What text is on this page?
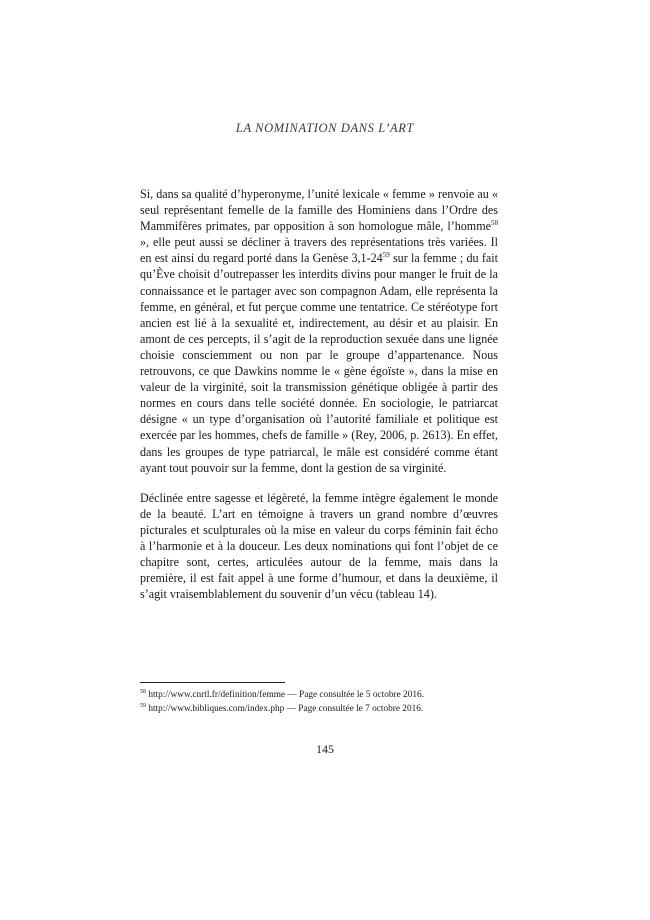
LA NOMINATION DANS L’ART

Si, dans sa qualité d’hyperonyme, l’unité lexicale « femme » renvoie au « seul représentant femelle de la famille des Hominiens dans l’Ordre des Mammifères primates, par opposition à son homologue mâle, l’homme$^{58}$ », elle peut aussi se décliner à travers des représentations très variées. Il en est ainsi du regard porté dans la Genèse $3,1-24^{59}$ sur la femme ; du fait qu’Ève choisit d’outrepasser les interdits divins pour manger le fruit de la connaissance et le partager avec son compagnon Adam, elle représenta la femme, en général, et fut perçue comme une tentatrice. Ce stéréotype fort ancien est lié à la sexualité et, indirectement, au désir et au plaisir. En amont de ces percepts, il s’agit de la reproduction sexuée dans une lignée choisie consciemment ou non par le groupe d’appartenance. Nous retrouvons, ce que Dawkins nomme le « gène égoïste », dans la mise en valeur de la virginité, soit la transmission génétique obligée à partir des normes en cours dans telle société donnée. En sociologie, le patriarcat désigne « un type d’organisation où l’autorité familiale et politique est exercée par les hommes, chefs de famille » (Rey, 2006, p. 2613). En effet, dans les groupes de type patriarcal, le mâle est considéré comme étant ayant tout pouvoir sur la femme, dont la gestion de sa virginité.

Déclinée entre sagesse et légèreté, la femme intègre également le monde de la beauté. L’art en témoigne à travers un grand nombre d’œuvres picturales et sculpturales où la mise en valeur du corps féminin fait écho à l’harmonie et à la douceur. Les deux nominations qui font l’objet de ce chapitre sont, certes, articulées autour de la femme, mais dans la première, il est fait appel à une forme d’humour, et dans la deuxième, il s’agit vraisemblablement du souvenir d’un vécu (tableau 14).

$^{58}$ http://www.cnrtl.fr/definition/femme — Page consultée le 5 octobre 2016.
$^{59}$ http://www.bibliques.com/index.php — Page consultée le 7 octobre 2016.
145
